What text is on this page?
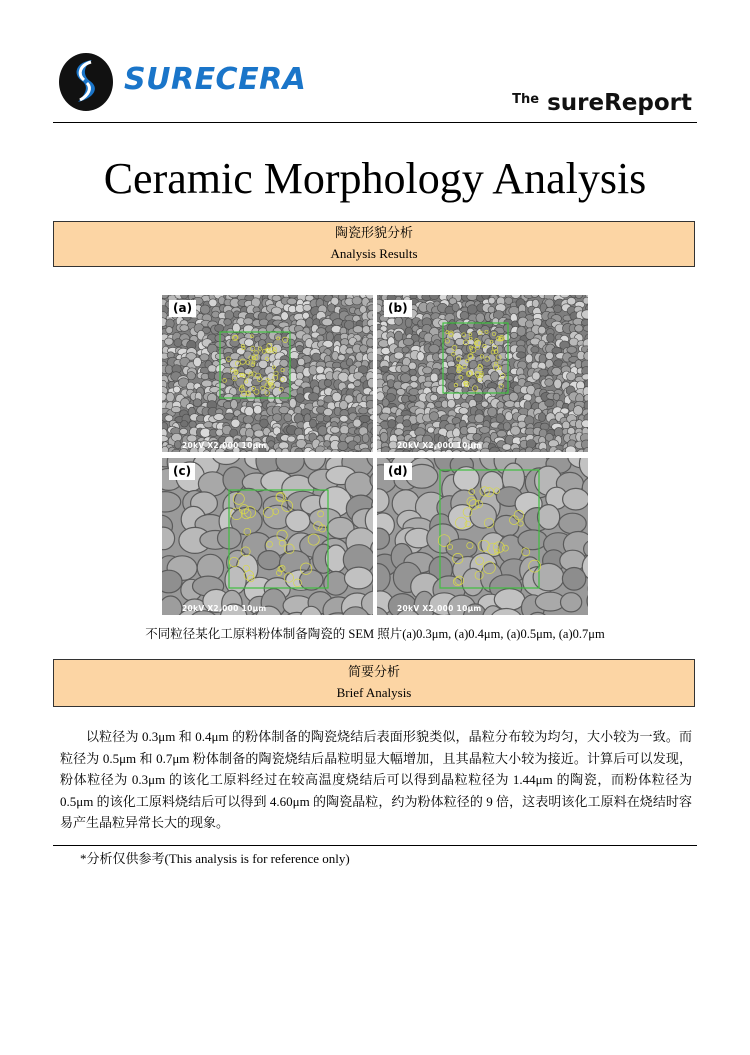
SURECERA
$^{The}$ sureReport
Ceramic Morphology Analysis
陶瓷形貌分析
Analysis Results
(a)
20kV X2,000 10μm
(b)
20kV X2,000 10μm
(c)
20kV X2,000 10μm
(d)
20kV X2,000 10μm
不同粒径某化工原料粉体制备陶瓷的 SEM 照片(a)0.3μm, (a)0.4μm, (a)0.5μm, (a)0.7μm
简要分析
Brief Analysis
以粒径为 0.3μm 和 0.4μm 的粉体制备的陶瓷烧结后表面形貌类似，晶粒分布较为均匀，大小较为一致。而粒径为 0.5μm 和 0.7μm 粉体制备的陶瓷烧结后晶粒明显大幅增加，且其晶粒大小较为接近。计算后可以发现，粉体粒径为 0.3μm 的该化工原料经过在较高温度烧结后可以得到晶粒粒径为 1.44μm 的陶瓷，而粉体粒径为 0.5μm 的该化工原料烧结后可以得到 4.60μm 的陶瓷晶粒，约为粉体粒径的 9 倍，这表明该化工原料在烧结时容易产生晶粒异常长大的现象。
*分析仅供参考(This analysis is for reference only)
